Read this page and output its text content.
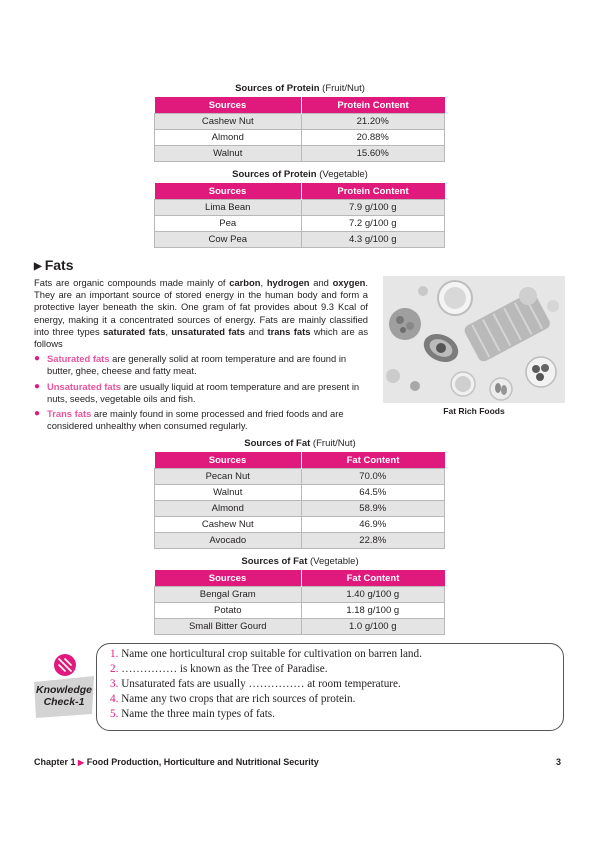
Sources of Protein (Fruit/Nut)
Sources	Protein Content
Cashew Nut	21.20%
Almond	20.88%
Walnut	15.60%
Sources of Protein (Vegetable)
Sources	Protein Content
Lima Bean	7.9 g/100 g
Pea	7.2 g/100 g
Cow Pea	4.3 g/100 g
▶ Fats
Fats are organic compounds made mainly of carbon, hydrogen and oxygen. They are an important source of stored energy in the human body and form a protective layer beneath the skin. One gram of fat provides about 9.3 Kcal of energy, making it a concentrated sources of energy. Fats are mainly classified into three types saturated fats, unsaturated fats and trans fats which are as follows
● Saturated fats are generally solid at room temperature and are found in butter, ghee, cheese and fatty meat.
● Unsaturated fats are usually liquid at room temperature and are present in nuts, seeds, vegetable oils and fish.
● Trans fats are mainly found in some processed and fried foods and are considered unhealthy when consumed regularly.
Fat Rich Foods
Sources of Fat (Fruit/Nut)
Sources	Fat Content
Pecan Nut	70.0%
Walnut	64.5%
Almond	58.9%
Cashew Nut	46.9%
Avocado	22.8%
Sources of Fat (Vegetable)
Sources	Fat Content
Bengal Gram	1.40 g/100 g
Potato	1.18 g/100 g
Small Bitter Gourd	1.0 g/100 g
Knowledge
Check-1
1. Name one horticultural crop suitable for cultivation on barren land.
2. …………… is known as the Tree of Paradise.
3. Unsaturated fats are usually …………… at room temperature.
4. Name any two crops that are rich sources of protein.
5. Name the three main types of fats.
Chapter 1 ▶ Food Production, Horticulture and Nutritional Security	3
